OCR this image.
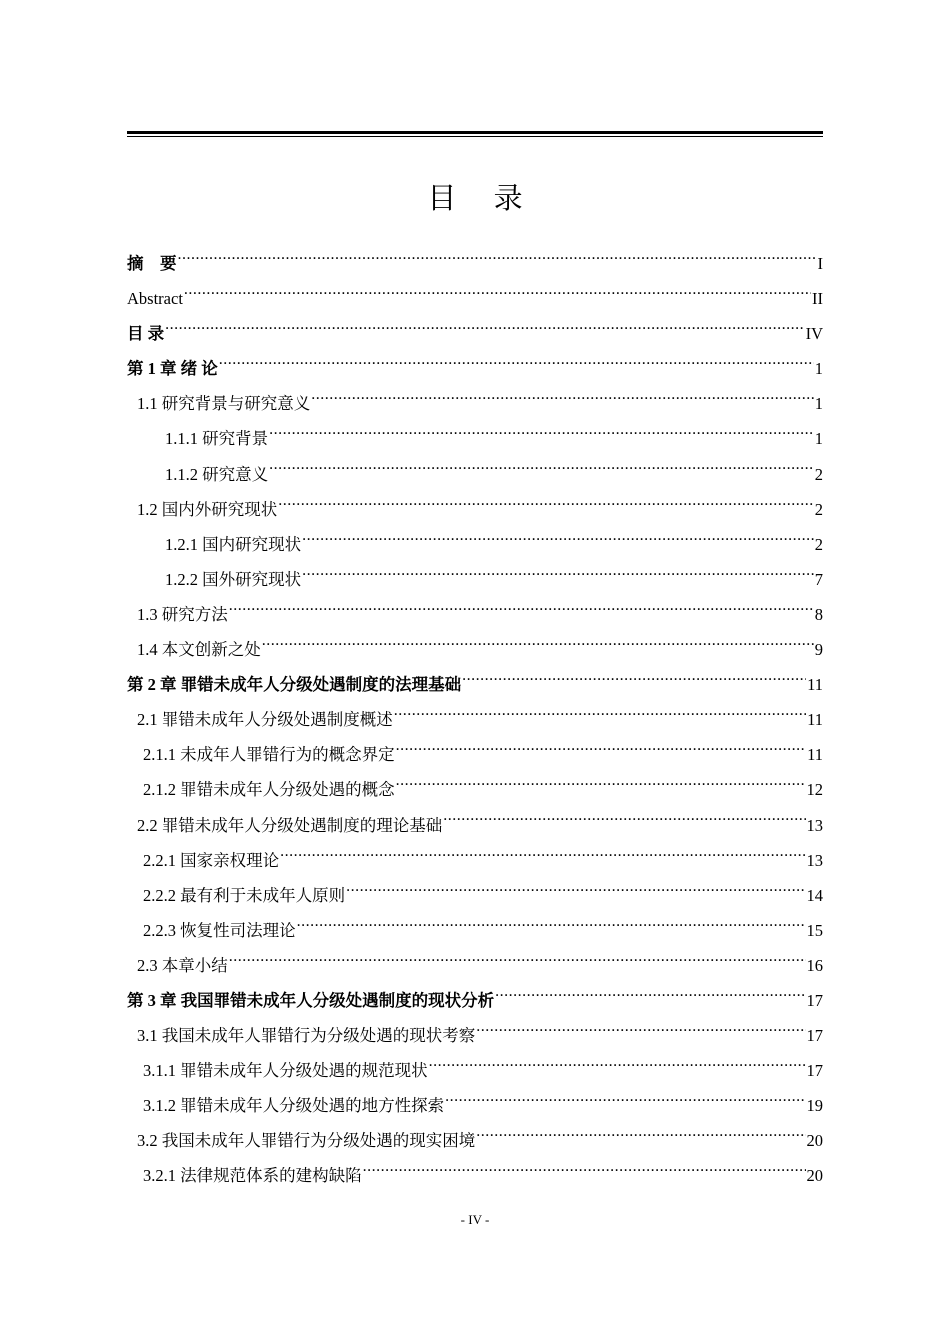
目 录
摘　要 .....	I
Abstract .....	II
目 录 .....	IV
第 1 章 绪 论 .....	1
1.1 研究背景与研究意义 .....	1
1.1.1 研究背景 .....	1
1.1.2 研究意义 .....	2
1.2 国内外研究现状 .....	2
1.2.1 国内研究现状 .....	2
1.2.2 国外研究现状 .....	7
1.3 研究方法 .....	8
1.4 本文创新之处 .....	9
第 2 章 罪错未成年人分级处遇制度的法理基础 .....	11
2.1 罪错未成年人分级处遇制度概述 .....	11
2.1.1 未成年人罪错行为的概念界定 .....	11
2.1.2 罪错未成年人分级处遇的概念 .....	12
2.2 罪错未成年人分级处遇制度的理论基础 .....	13
2.2.1 国家亲权理论 .....	13
2.2.2 最有利于未成年人原则 .....	14
2.2.3 恢复性司法理论 .....	15
2.3 本章小结 .....	16
第 3 章 我国罪错未成年人分级处遇制度的现状分析 .....	17
3.1 我国未成年人罪错行为分级处遇的现状考察 .....	17
3.1.1 罪错未成年人分级处遇的规范现状 .....	17
3.1.2 罪错未成年人分级处遇的地方性探索 .....	19
3.2 我国未成年人罪错行为分级处遇的现实困境 .....	20
3.2.1 法律规范体系的建构缺陷 .....	20
- IV -
